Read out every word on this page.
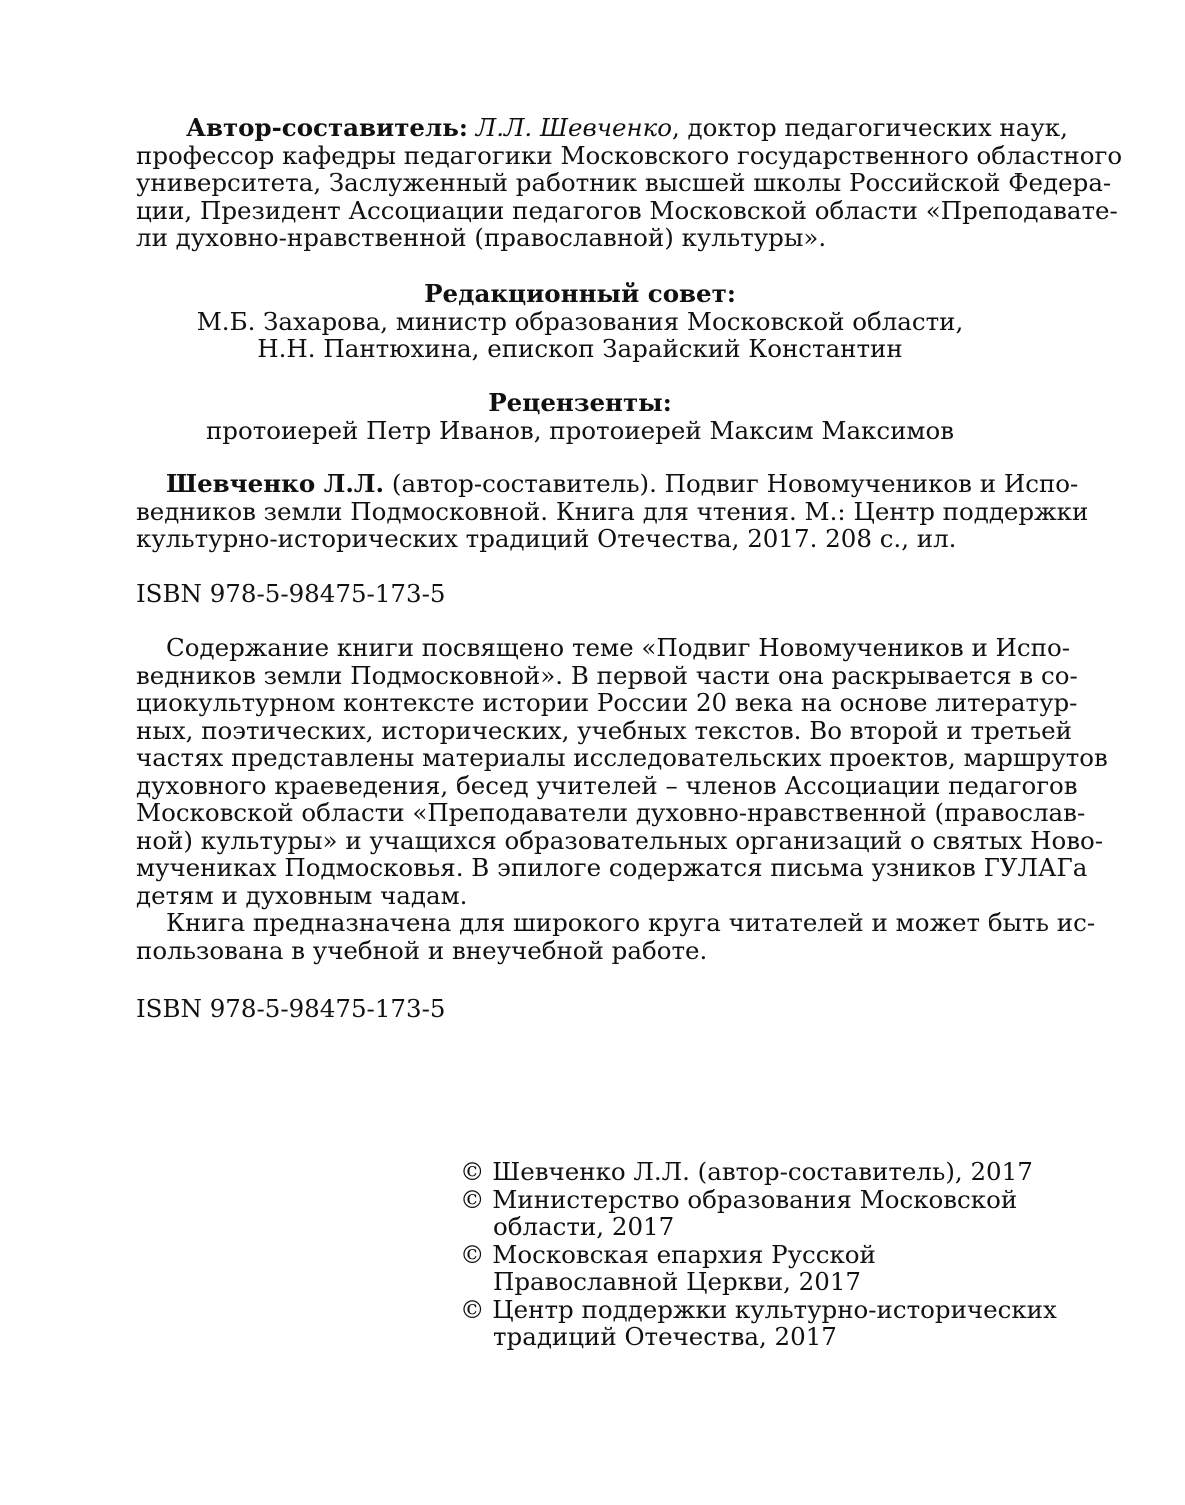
Автор-составитель: Л.Л. Шевченко, доктор педагогических наук,
профессор кафедры педагогики Московского государственного областного
университета, Заслуженный работник высшей школы Российской Федера-
ции, Президент Ассоциации педагогов Московской области «Преподавате-
ли духовно-нравственной (православной) культуры».
Редакционный совет:
М.Б. Захарова, министр образования Московской области,
Н.Н. Пантюхина, епископ Зарайский Константин
Рецензенты:
протоиерей Петр Иванов, протоиерей Максим Максимов
Шевченко Л.Л. (автор-составитель). Подвиг Новомучеников и Испо-
ведников земли Подмосковной. Книга для чтения. М.: Центр поддержки
культурно-исторических традиций Отечества, 2017. 208 с., ил.
ISBN 978-5-98475-173-5
Содержание книги посвящено теме «Подвиг Новомучеников и Испо-
ведников земли Подмосковной». В первой части она раскрывается в со-
циокультурном контексте истории России 20 века на основе литератур-
ных, поэтических, исторических, учебных текстов. Во второй и третьей
частях представлены материалы исследовательских проектов, маршрутов
духовного краеведения, бесед учителей – членов Ассоциации педагогов
Московской области «Преподаватели духовно-нравственной (православ-
ной) культуры» и учащихся образовательных организаций о святых Ново-
мучениках Подмосковья. В эпилоге содержатся письма узников ГУЛАГа
детям и духовным чадам.
Книга предназначена для широкого круга читателей и может быть ис-
пользована в учебной и внеучебной работе.
ISBN 978-5-98475-173-5
© Шевченко Л.Л. (автор-составитель), 2017
© Министерство образования Московской
области, 2017
© Московская епархия Русской
Православной Церкви, 2017
© Центр поддержки культурно-исторических
традиций Отечества, 2017
